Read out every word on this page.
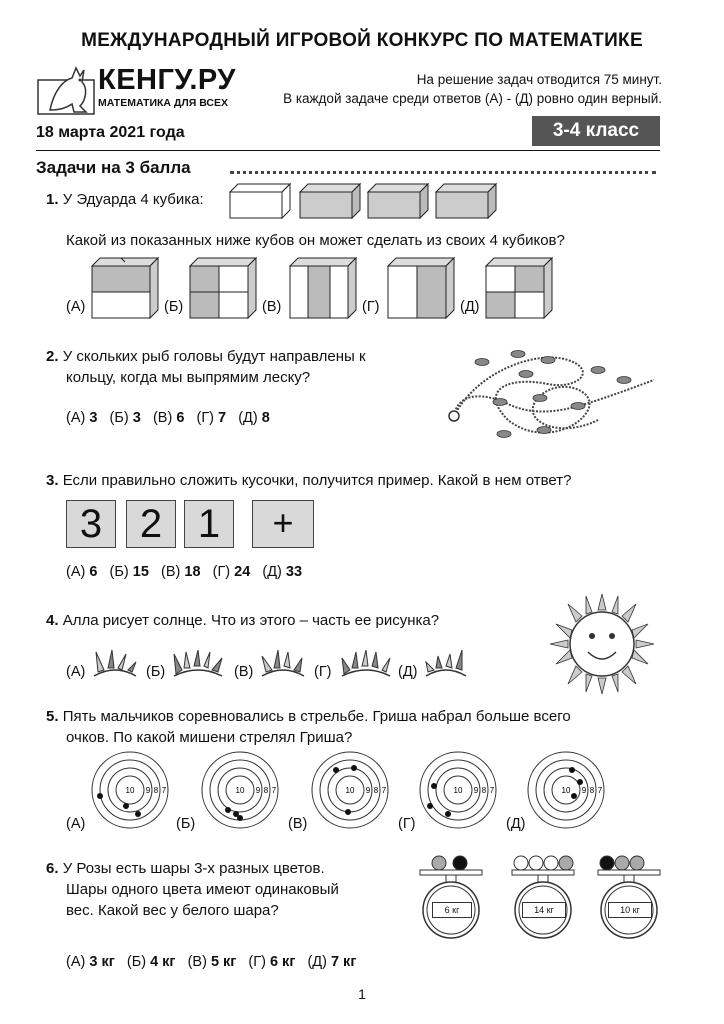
МЕЖДУНАРОДНЫЙ ИГРОВОЙ КОНКУРС ПО МАТЕМАТИКЕ
КЕНГУ.РУ
МАТЕМАТИКА ДЛЯ ВСЕХ
На решение задач отводится 75 минут.
В каждой задаче среди ответов (А) - (Д) ровно один верный.
18 марта 2021 года	3-4 класс
Задачи на 3 балла
1. У Эдуарда 4 кубика:
Какой из показанных ниже кубов он может сделать из своих 4 кубиков?
(А)	(Б)	(В)	(Г)	(Д)
2. У скольких рыб головы будут направлены к
кольцу, когда мы выпрямим леску?
(А) 3 (Б) 3 (В) 6 (Г) 7 (Д) 8
3. Если правильно сложить кусочки, получится пример. Какой в нем ответ?
3 2 1	+
(А) 6 (Б) 15 (В) 18 (Г) 24 (Д) 33
4. Алла рисует солнце. Что из этого – часть ее рисунка?
(А)	(Б)	(В)	(Г)	(Д)
5. Пять мальчиков соревновались в стрельбе. Гриша набрал больше всего
очков. По какой мишени стрелял Гриша?
10 9 8 7	10 9 8 7	10 9 8 7	10 9 8 7	10 9 8 7
(А)	(Б)	(В)	(Г)	(Д)
6. У Розы есть шары 3-х разных цветов.
Шары одного цвета имеют одинаковый
вес. Какой вес у белого шара?	6 кг	14 кг	10 кг
(А) 3 кг (Б) 4 кг (В) 5 кг (Г) 6 кг (Д) 7 кг
1
